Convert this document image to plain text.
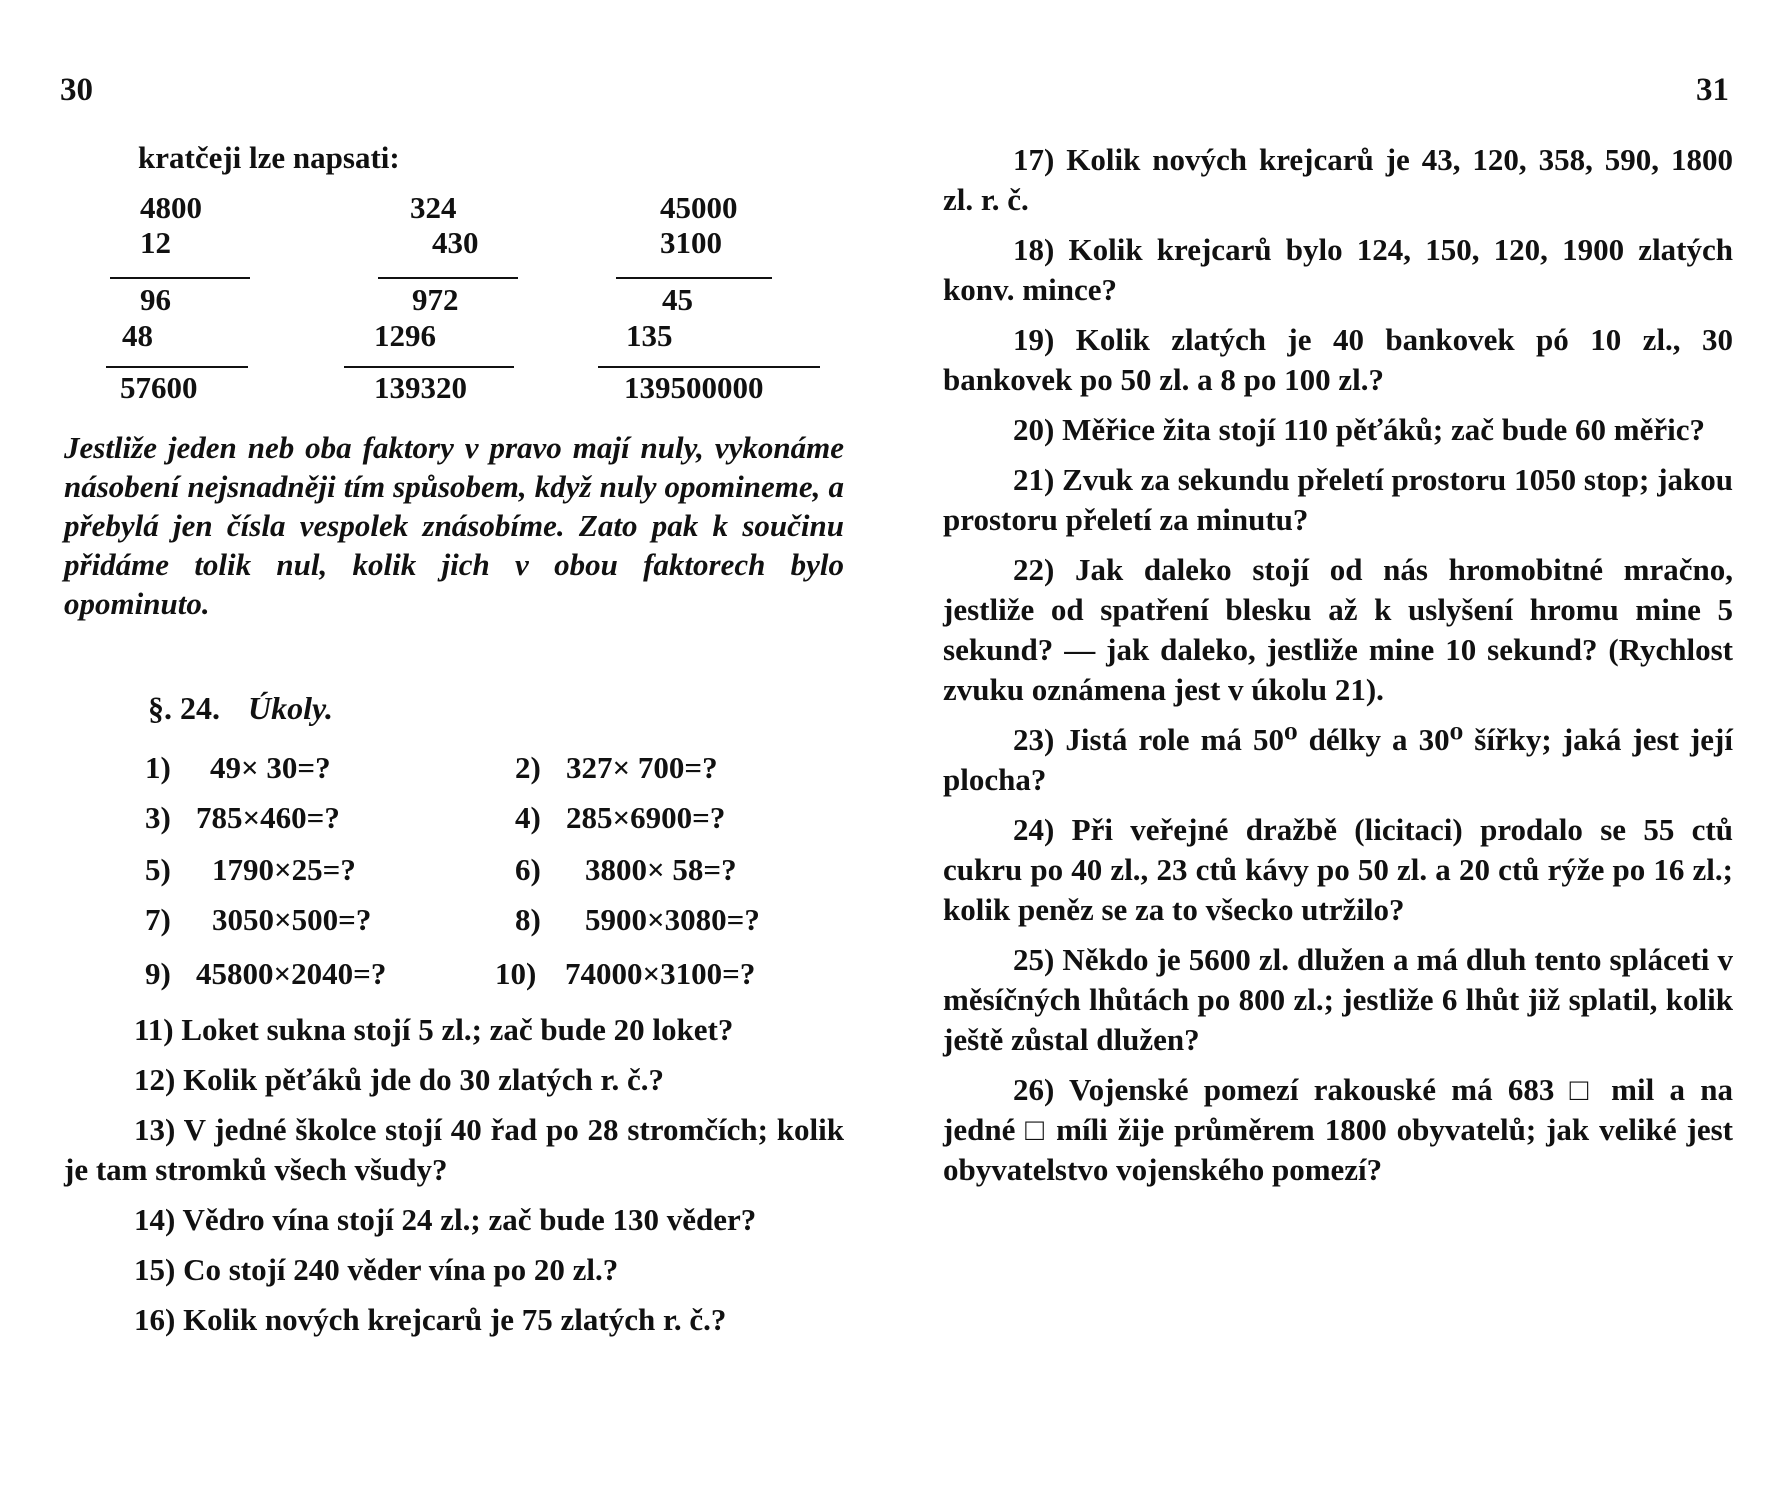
30
kratčeji lze napsati:
4800
12
96
48
57600
324
430
972
1296
139320
45000
3100
45
135
139500000
Jestliže jeden neb oba faktory v pravo mají nuly, vykonáme násobení nejsnadněji tím spůsobem, když nuly opomineme, a přebylá jen čísla vespolek znásobíme. Zato pak k součinu přidáme tolik nul, kolik jich v obou faktorech bylo opominuto.
§. 24. Úkoly.
1) 49× 30=?	2) 327× 700=?
3) 785×460=?	4) 285×6900=?
5) 1790×25=?	6) 3800× 58=?
7) 3050×500=?	8) 5900×3080=?
9) 45800×2040=?	10) 74000×3100=?
11) Loket sukna stojí 5 zl.; zač bude 20 loket?
12) Kolik pěťáků jde do 30 zlatých r. č.?
13) V jedné školce stojí 40 řad po 28 stromčích; kolik je tam stromků všech všudy?
14) Vědro vína stojí 24 zl.; zač bude 130 věder?
15) Co stojí 240 věder vína po 20 zl.?
16) Kolik nových krejcarů je 75 zlatých r. č.?
31
17) Kolik nových krejcarů je 43, 120, 358, 590, 1800 zl. r. č.
18) Kolik krejcarů bylo 124, 150, 120, 1900 zlatých konv. mince?
19) Kolik zlatých je 40 bankovek pó 10 zl., 30 bankovek po 50 zl. a 8 po 100 zl.?
20) Měřice žita stojí 110 pěťáků; zač bude 60 měřic?
21) Zvuk za sekundu přeletí prostoru 1050 stop; jakou prostoru přeletí za minutu?
22) Jak daleko stojí od nás hromobitné mračno, jestliže od spatření blesku až k uslyšení hromu mine 5 sekund? — jak daleko, jestliže mine 10 sekund? (Rychlost zvuku oznámena jest v úkolu 21).
23) Jistá role má 50⁰ délky a 30⁰ šířky; jaká jest její plocha?
24) Při veřejné dražbě (licitaci) prodalo se 55 ctů cukru po 40 zl., 23 ctů kávy po 50 zl. a 20 ctů rýže po 16 zl.; kolik peněz se za to všecko utržilo?
25) Někdo je 5600 zl. dlužen a má dluh tento spláceti v měsíčných lhůtách po 800 zl.; jestliže 6 lhůt již splatil, kolik ještě zůstal dlužen?
26) Vojenské pomezí rakouské má 683 □ mil a na jedné □ míli žije průměrem 1800 obyvatelů; jak veliké jest obyvatelstvo vojenského pomezí?
